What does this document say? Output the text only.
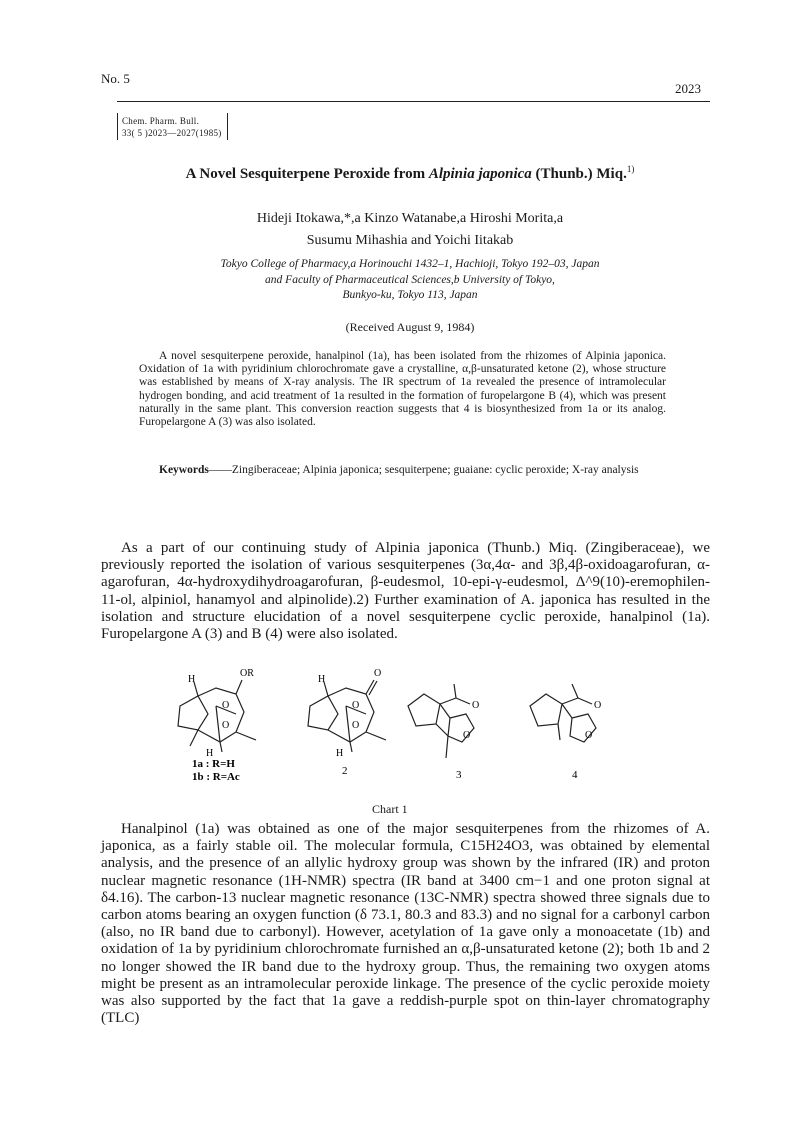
No. 5
2023
Chem. Pharm. Bull.
33( 5 )2023—2027(1985)
A Novel Sesquiterpene Peroxide from Alpinia japonica (Thunb.) Miq.$^{1)}$
Hideji Itokawa,*,a Kinzo Watanabe,a Hiroshi Morita,a
Susumu Mihashia and Yoichi Iitakab
Tokyo College of Pharmacy,a Horinouchi 1432–1, Hachioji, Tokyo 192–03, Japan
and Faculty of Pharmaceutical Sciences,b University of Tokyo,
Bunkyo-ku, Tokyo 113, Japan
(Received August 9, 1984)
A novel sesquiterpene peroxide, hanalpinol (1a), has been isolated from the rhizomes of Alpinia japonica. Oxidation of 1a with pyridinium chlorochromate gave a crystalline, α,β-unsaturated ketone (2), whose structure was established by means of X-ray analysis. The IR spectrum of 1a revealed the presence of intramolecular hydrogen bonding, and acid treatment of 1a resulted in the formation of furopelargone B (4), which was present naturally in the same plant. This conversion reaction suggests that 4 is biosynthesized from 1a or its analog. Furopelargone A (3) was also isolated.
Keywords——Zingiberaceae; Alpinia japonica; sesquiterpene; guaiane: cyclic peroxide; X-ray analysis
As a part of our continuing study of Alpinia japonica (Thunb.) Miq. (Zingiberaceae), we previously reported the isolation of various sesquiterpenes (3α,4α- and 3β,4β-oxidoagarofuran, α-agarofuran, 4α-hydroxydihydroagarofuran, β-eudesmol, 10-epi-γ-eudesmol, Δ^9(10)-eremophilen-11-ol, alpiniol, hanamyol and alpinolide).2) Further examination of A. japonica has resulted in the isolation and structure elucidation of a novel sesquiterpene cyclic peroxide, hanalpinol (1a). Furopelargone A (3) and B (4) were also isolated.
H
OR
O
O
H
H
O
O
O
H
O
O
O
O
1a : R=H
1b : R=Ac	2	3	4
Chart 1
Hanalpinol (1a) was obtained as one of the major sesquiterpenes from the rhizomes of A. japonica, as a fairly stable oil. The molecular formula, C15H24O3, was obtained by elemental analysis, and the presence of an allylic hydroxy group was shown by the infrared (IR) and proton nuclear magnetic resonance (1H-NMR) spectra (IR band at 3400 cm−1 and one proton signal at δ4.16). The carbon-13 nuclear magnetic resonance (13C-NMR) spectra showed three signals due to carbon atoms bearing an oxygen function (δ 73.1, 80.3 and 83.3) and no signal for a carbonyl carbon (also, no IR band due to carbonyl). However, acetylation of 1a gave only a monoacetate (1b) and oxidation of 1a by pyridinium chlorochromate furnished an α,β-unsaturated ketone (2); both 1b and 2 no longer showed the IR band due to the hydroxy group. Thus, the remaining two oxygen atoms might be present as an intramolecular peroxide linkage. The presence of the cyclic peroxide moiety was also supported by the fact that 1a gave a reddish-purple spot on thin-layer chromatography (TLC)
